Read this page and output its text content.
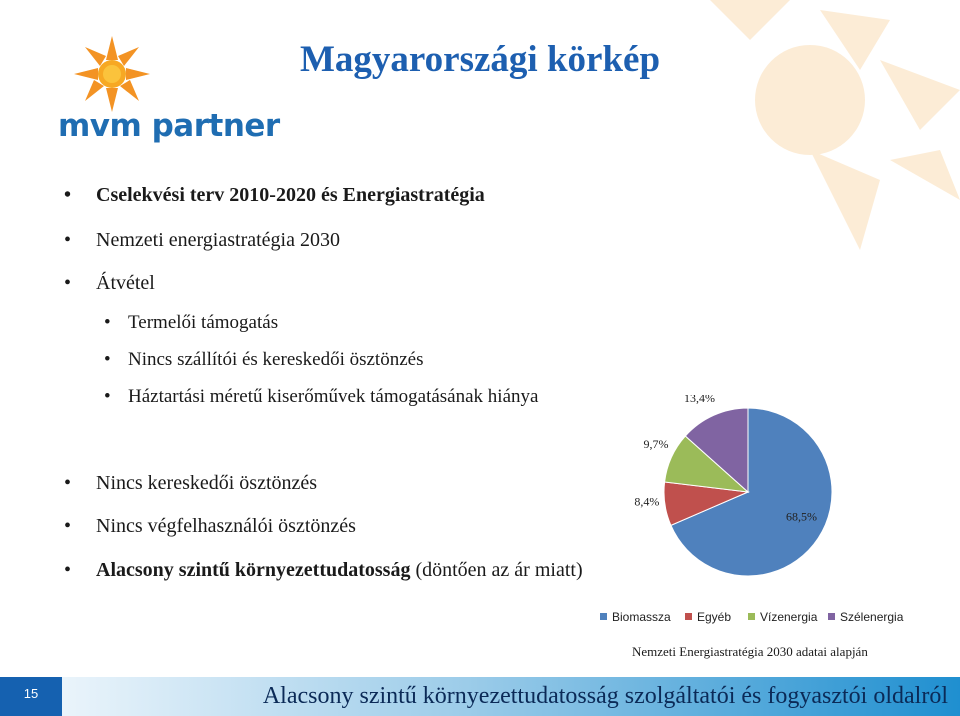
mvm partner
Magyarországi körkép
• Cselekvési terv 2010-2020 és Energiastratégia
• Nemzeti energiastratégia 2030
• Átvétel
• Termelői támogatás
• Nincs szállítói és kereskedői ösztönzés
• Háztartási méretű kiserőművek támogatásának hiánya
• Nincs kereskedői ösztönzés
• Nincs végfelhasználói ösztönzés
• Alacsony szintű környezettudatosság (döntően az ár miatt)
68,5%
8,4%
9,7%
13,4%
Biomassza Egyéb Vízenergia Szélenergia
Nemzeti Energiastratégia 2030 adatai alapján
15	Alacsony szintű környezettudatosság szolgáltatói és fogyasztói oldalról
